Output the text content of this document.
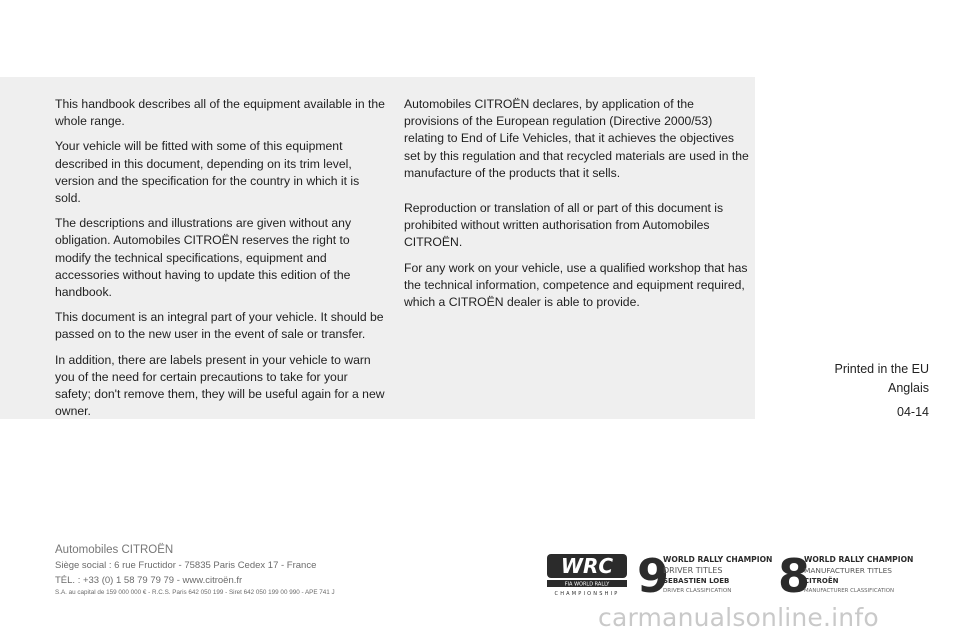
This handbook describes all of the equipment available in the whole range.

Your vehicle will be fitted with some of this equipment described in this document, depending on its trim level, version and the specification for the country in which it is sold.

The descriptions and illustrations are given without any obligation. Automobiles CITROËN reserves the right to modify the technical specifications, equipment and accessories without having to update this edition of the handbook.

This document is an integral part of your vehicle. It should be passed on to the new user in the event of sale or transfer.

In addition, there are labels present in your vehicle to warn you of the need for certain precautions to take for your safety; don't remove them, they will be useful again for a new owner.

Automobiles CITROËN declares, by application of the provisions of the European regulation (Directive 2000/53) relating to End of Life Vehicles, that it achieves the objectives set by this regulation and that recycled materials are used in the manufacture of the products that it sells.

Reproduction or translation of all or part of this document is prohibited without written authorisation from Automobiles CITROËN.

For any work on your vehicle, use a qualified workshop that has the technical information, competence and equipment required, which a CITROËN dealer is able to provide.

Printed in the EU
Anglais
04-14
Automobiles CITROËN
Siège social : 6 rue Fructidor - 75835 Paris Cedex 17 - France
TÉL. : +33 (0) 1 58 79 79 79 - www.citroën.fr
S.A. au capital de 159 000 000 € - R.C.S. Paris 642 050 199 - Siret 642 050 199 00 990 - APE 741 J
WRC
FIA WORLD RALLY
CHAMPIONSHIP 9
WORLD RALLY CHAMPION
DRIVER TITLES
SEBASTIEN LOEB
DRIVER CLASSIFICATION 8
WORLD RALLY CHAMPION
MANUFACTURER TITLES
CITROËN
MANUFACTURER CLASSIFICATION
carmanualsonline.info
